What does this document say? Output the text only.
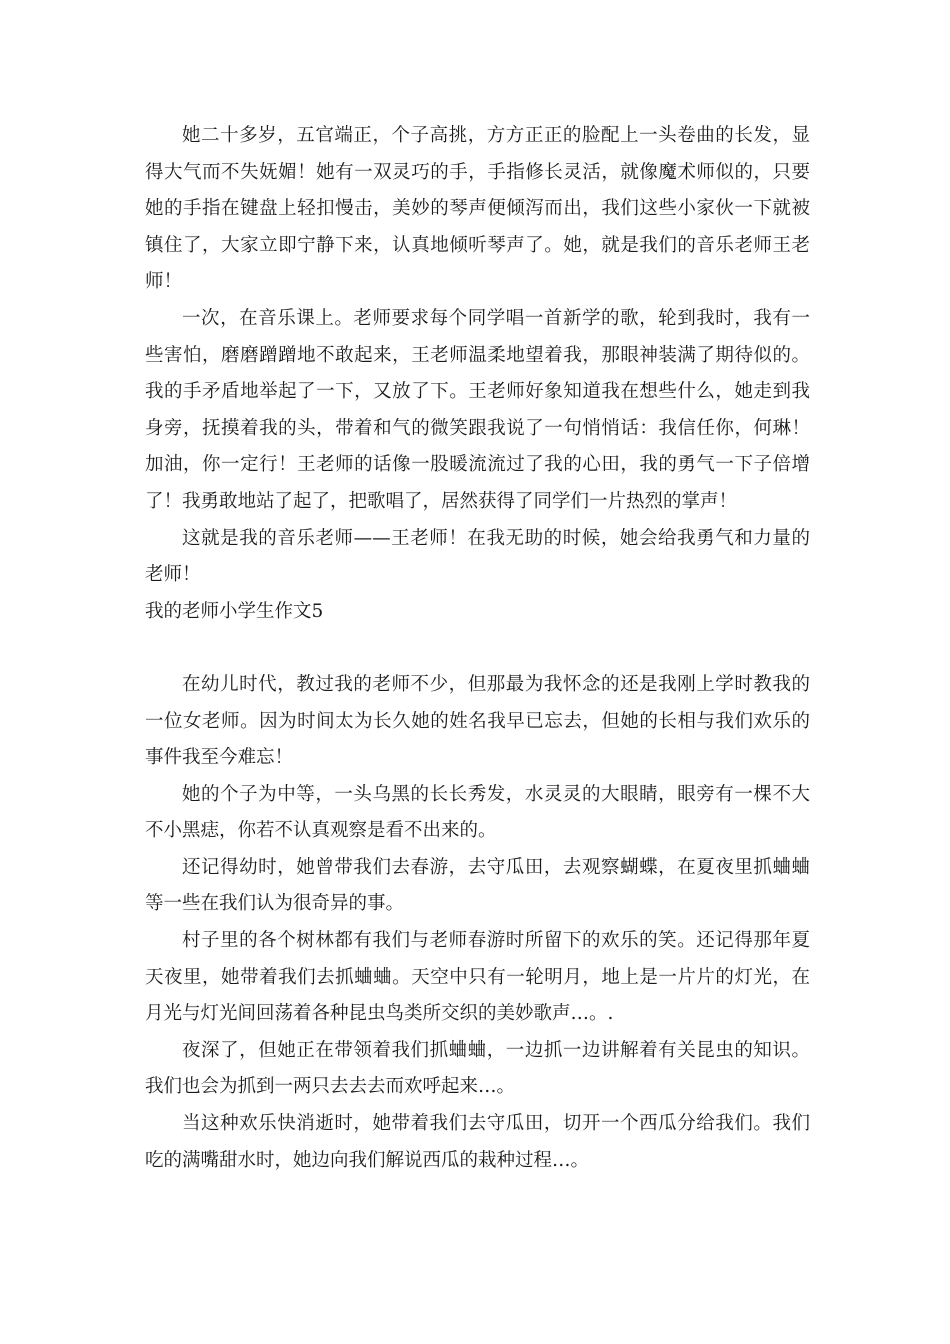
她二十多岁，五官端正，个子高挑，方方正正的脸配上一头卷曲的长发，显得大气而不失妩媚！她有一双灵巧的手，手指修长灵活，就像魔术师似的，只要她的手指在键盘上轻扣慢击，美妙的琴声便倾泻而出，我们这些小家伙一下就被镇住了，大家立即宁静下来，认真地倾听琴声了。她，就是我们的音乐老师王老师！

一次，在音乐课上。老师要求每个同学唱一首新学的歌，轮到我时，我有一些害怕，磨磨蹭蹭地不敢起来，王老师温柔地望着我，那眼神装满了期待似的。我的手矛盾地举起了一下，又放了下。王老师好象知道我在想些什么，她走到我身旁，抚摸着我的头，带着和气的微笑跟我说了一句悄悄话：我信任你，何琳！加油，你一定行！王老师的话像一股暖流流过了我的心田，我的勇气一下子倍增了！我勇敢地站了起了，把歌唱了，居然获得了同学们一片热烈的掌声！

这就是我的音乐老师——王老师！在我无助的时候，她会给我勇气和力量的老师！

我的老师小学生作文5

在幼儿时代，教过我的老师不少，但那最为我怀念的还是我刚上学时教我的一位女老师。因为时间太为长久她的姓名我早已忘去，但她的长相与我们欢乐的事件我至今难忘！

她的个子为中等，一头乌黑的长长秀发，水灵灵的大眼睛，眼旁有一棵不大不小黑痣，你若不认真观察是看不出来的。

还记得幼时，她曾带我们去春游，去守瓜田，去观察蝴蝶，在夏夜里抓蛐蛐等一些在我们认为很奇异的事。

村子里的各个树林都有我们与老师春游时所留下的欢乐的笑。还记得那年夏天夜里，她带着我们去抓蛐蛐。天空中只有一轮明月，地上是一片片的灯光，在月光与灯光间回荡着各种昆虫鸟类所交织的美妙歌声…。.

夜深了，但她正在带领着我们抓蛐蛐，一边抓一边讲解着有关昆虫的知识。我们也会为抓到一两只去去去而欢呼起来…。

当这种欢乐快消逝时，她带着我们去守瓜田，切开一个西瓜分给我们。我们吃的满嘴甜水时，她边向我们解说西瓜的栽种过程…。
